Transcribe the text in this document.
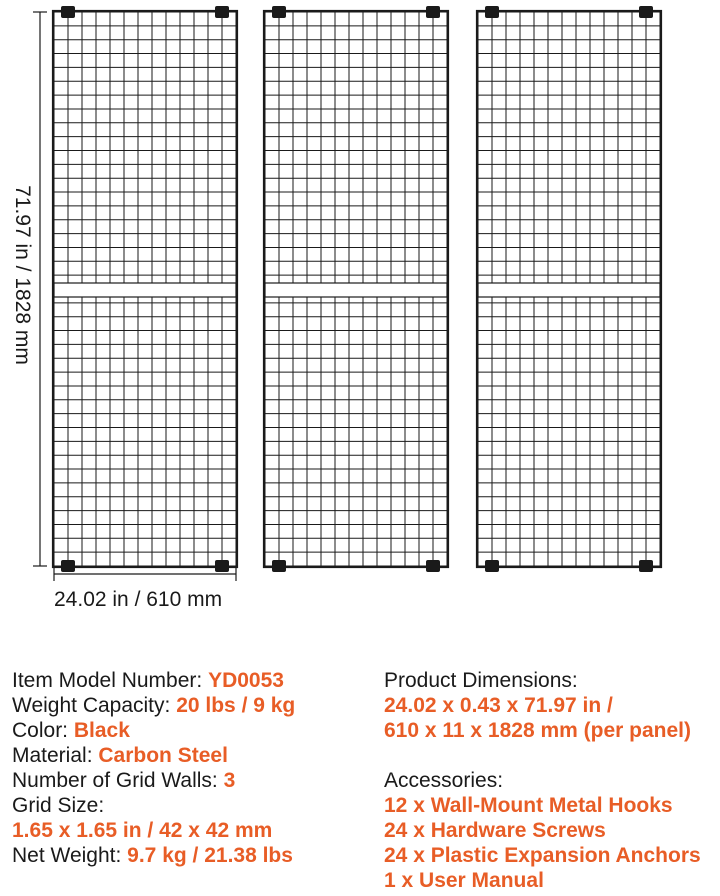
24.02 in / 610 mm
71.97 in / 1828 mm
Item Model Number: YD0053
Weight Capacity: 20 lbs / 9 kg
Color: Black
Material: Carbon Steel
Number of Grid Walls: 3
Grid Size:
1.65 x 1.65 in / 42 x 42 mm
Net Weight: 9.7 kg / 21.38 lbs
Product Dimensions:
24.02 x 0.43 x 71.97 in /
610 x 11 x 1828 mm (per panel)
Accessories:
12 x Wall-Mount Metal Hooks
24 x Hardware Screws
24 x Plastic Expansion Anchors
1 x User Manual
